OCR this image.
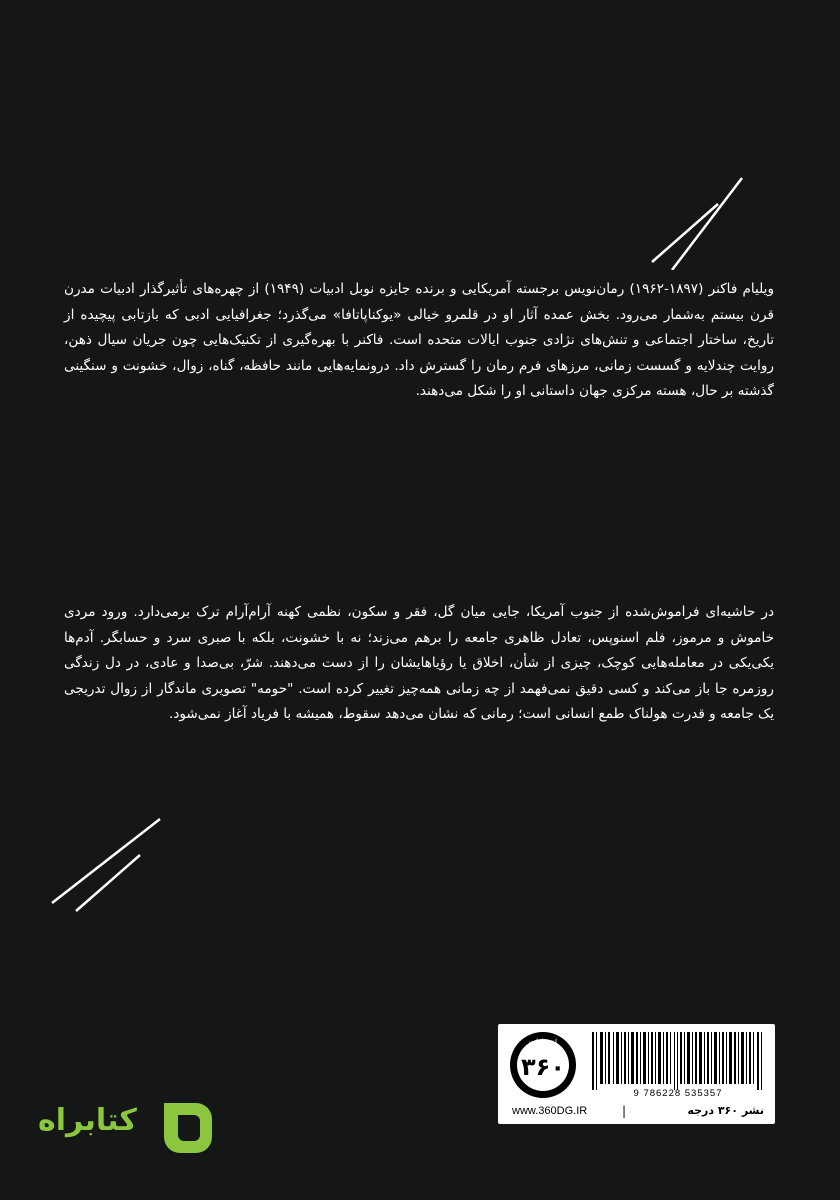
ویلیام فاکنر (۱۸۹۷-۱۹۶۲) رمان‌نویس برجسته آمریکایی و برنده جایزه نوبل ادبیات (۱۹۴۹) از چهره‌های تأثیرگذار ادبیات مدرن قرن بیستم به‌شمار می‌رود. بخش عمده آثار او در قلمرو خیالی «یوکناپاتافا» می‌گذرد؛ جغرافیایی ادبی که بازتابی پیچیده از تاریخ، ساختار اجتماعی و تنش‌های نژادی جنوب ایالات متحده است. فاکنر با بهره‌گیری از تکنیک‌هایی چون جریان سیال ذهن، روایت چندلایه و گسست زمانی، مرزهای فرم رمان را گسترش داد. درونمایه‌هایی مانند حافظه، گناه، زوال، خشونت و سنگینی گذشته بر حال، هسته مرکزی جهان داستانی او را شکل می‌دهند.

در حاشیه‌ای فراموش‌شده از جنوب آمریکا، جایی میان گل، فقر و سکون، نظمی کهنه آرام‌آرام ترک برمی‌دارد. ورود مردی خاموش و مرموز، فلم اسنوپس، تعادل ظاهری جامعه را برهم می‌زند؛ نه با خشونت، بلکه با صبری سرد و حسابگر. آدم‌ها یکی‌یکی در معامله‌هایی کوچک، چیزی از شأن، اخلاق یا رؤیاهایشان را از دست می‌دهند. شرّ، بی‌صدا و عادی، در دل زندگی روزمره جا باز می‌کند و کسی دقیق نمی‌فهمد از چه زمانی همه‌چیز تغییر کرده است. "حومه" تصویری ماندگار از زوال تدریجی یک جامعه و قدرت هولناک طمع انسانی است؛ رمانی که نشان می‌دهد سقوط، همیشه با فریاد آغاز نمی‌شود.

۳۶۰
انتشارات
9 786228 535357
www.360DG.IR	|	نشر ۳۶۰ درجه
کتابراه
